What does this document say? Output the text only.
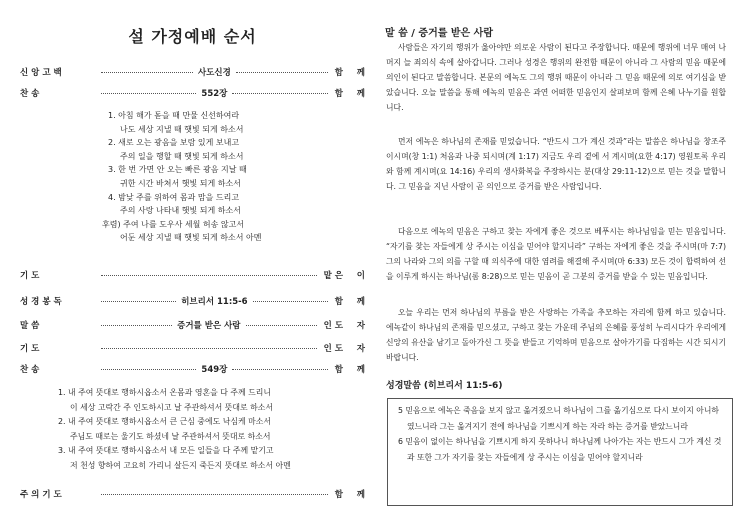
설 가정예배 순서
신 앙 고 백	사도신경	함	께
찬 송	552장	함	께
1. 아침 해가 돋을 때 만물 신선하여라
나도 세상 지낼 때 햇빛 되게 하소서
2. 새로 오는 광음을 보람 있게 보내고
주의 일을 행할 때 햇빛 되게 하소서
3. 한 번 가면 안 오는 빠른 광음 지날 때
귀한 시간 바쳐서 햇빛 되게 하소서
4. 밤낮 주를 위하여 몸과 맘을 드리고
주의 사랑 나타내 햇빛 되게 하소서
후렴) 주여 나를 도우사 세월 허송 않고서
어둔 세상 지낼 때 햇빛 되게 하소서 아멘
기 도	맡 은	이
성 경 봉 독	히브리서 11:5-6	함	께
말 씀	증거를 받은 사람	인 도	자
기 도	인 도	자
찬 송	549장	함	께
1. 내 주여 뜻대로 행하시옵소서 온몸과 영혼을 다 주께 드리니
이 세상 고락간 주 인도하시고 날 주관하셔서 뜻대로 하소서
2. 내 주여 뜻대로 행하시옵소서 큰 근심 중에도 낙심케 마소서
주님도 때로는 울기도 하셨네 날 주관하셔서 뜻대로 하소서
3. 내 주여 뜻대로 행하시옵소서 내 모든 일들을 다 주께 맡기고
저 천성 향하여 고요히 가리니 살든지 죽든지 뜻대로 하소서 아멘
주 의 기 도	함	께
말 씀 / 증거를 받은 사람
사람들은 자기의 행위가 옳아야만 의로운 사람이 된다고 주장합니다. 때문에 행위에 너무 매여 나머지 늘 죄의식 속에 살아갑니다. 그러나 성경은 행위의 완전함 때문이 아니라 그 사람의 믿음 때문에 의인이 된다고 말씀합니다. 본문의 에녹도 그의 행위 때문이 아니라 그 믿음 때문에 의로 여기심을 받았습니다. 오늘 말씀을 통해 에녹의 믿음은 과연 어떠한 믿음인지 살펴보며 함께 은혜 나누기를 원합니다.
먼저 에녹은 하나님의 존재를 믿었습니다. “반드시 그가 계신 것과”라는 말씀은 하나님을 창조주이시며(창 1:1) 처음과 나중 되시며(계 1:17) 지금도 우리 곁에 서 계시며(요한 4:17) 영원토록 우리와 함께 계시며(요 14:16) 우리의 생사화복을 주장하시는 분(대상 29:11-12)으로 믿는 것을 말합니다. 그 믿음을 지닌 사람이 곧 의인으로 증거를 받은 사람입니다.
다음으로 에녹의 믿음은 구하고 찾는 자에게 좋은 것으로 베푸시는 하나님임을 믿는 믿음입니다. “자기를 찾는 자들에게 상 주시는 이심을 믿어야 할지니라” 구하는 자에게 좋은 것을 주시며(마 7:7) 그의 나라와 그의 의를 구할 때 의식주에 대한 염려를 해결해 주시며(마 6:33) 모든 것이 합력하여 선을 이루게 하시는 하나님(롬 8:28)으로 믿는 믿음이 곧 그분의 증거를 받을 수 있는 믿음입니다.
오늘 우리는 먼저 하나님의 부름을 받은 사랑하는 가족을 추모하는 자리에 함께 하고 있습니다. 에녹같이 하나님의 존재를 믿으셨고, 구하고 찾는 가운데 주님의 은혜를 풍성히 누리시다가 우리에게 신앙의 유산을 남기고 돌아가신 그 뜻을 받들고 기억하며 믿음으로 살아가기를 다짐하는 시간 되시기 바랍니다.
성경말씀 (히브리서 11:5-6)
5 믿음으로 에녹은 죽음을 보지 않고 옮겨졌으니 하나님이 그를 옮기심으로 다시 보이지 아니하였느니라 그는 옮겨지기 전에 하나님을 기쁘시게 하는 자라 하는 증거를 받았느니라
6 믿음이 없이는 하나님을 기쁘시게 하지 못하나니 하나님께 나아가는 자는 반드시 그가 계신 것과 또한 그가 자기를 찾는 자들에게 상 주시는 이심을 믿어야 할지니라
